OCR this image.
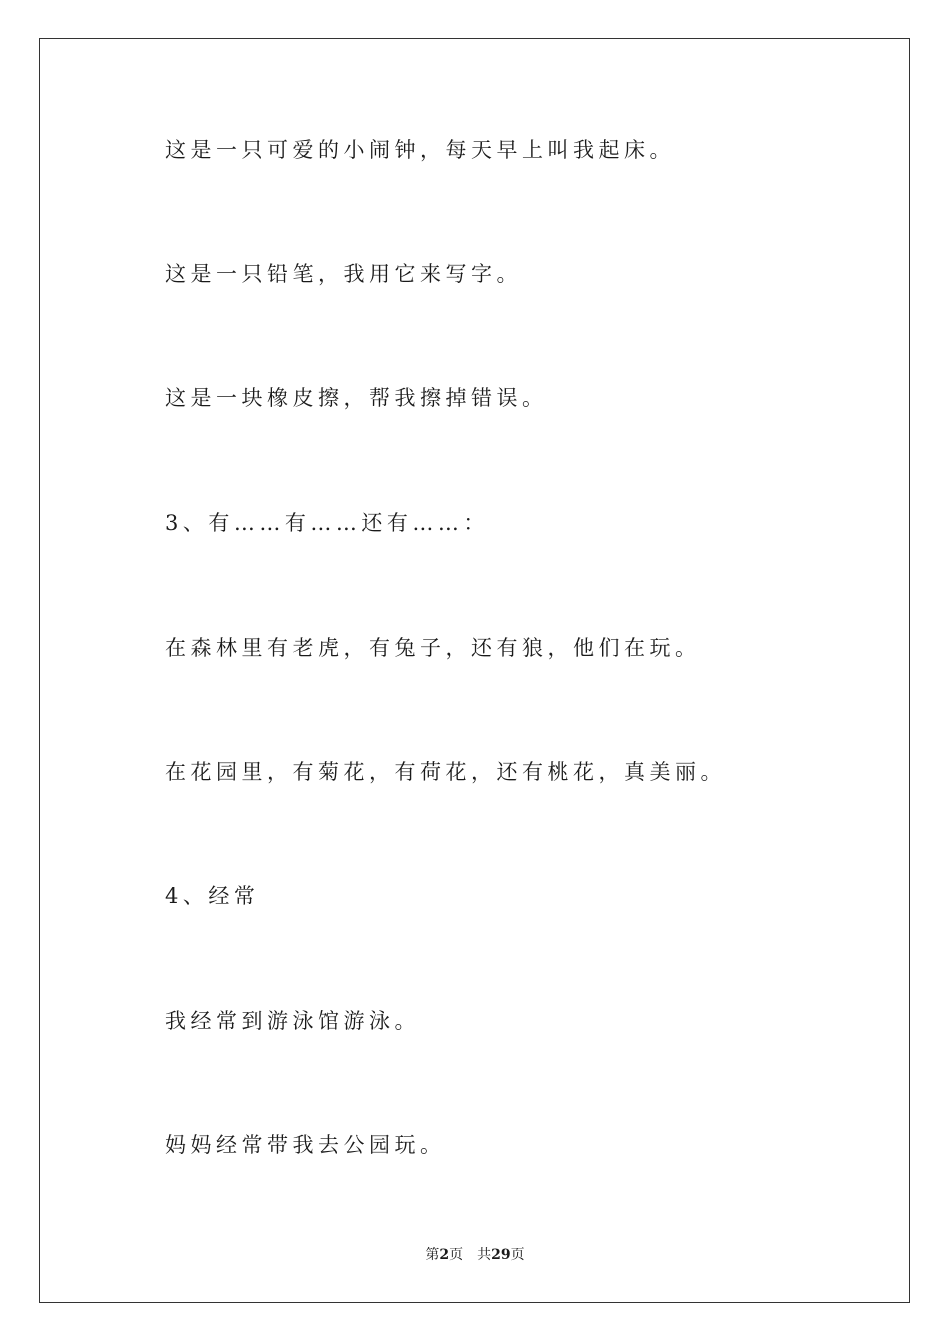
这是一只可爱的小闹钟，每天早上叫我起床。
这是一只铅笔，我用它来写字。
这是一块橡皮擦，帮我擦掉错误。
3、有……有……还有……：
在森林里有老虎，有兔子，还有狼，他们在玩。
在花园里，有菊花，有荷花，还有桃花，真美丽。
4、经常
我经常到游泳馆游泳。
妈妈经常带我去公园玩。
第2页 共29页
